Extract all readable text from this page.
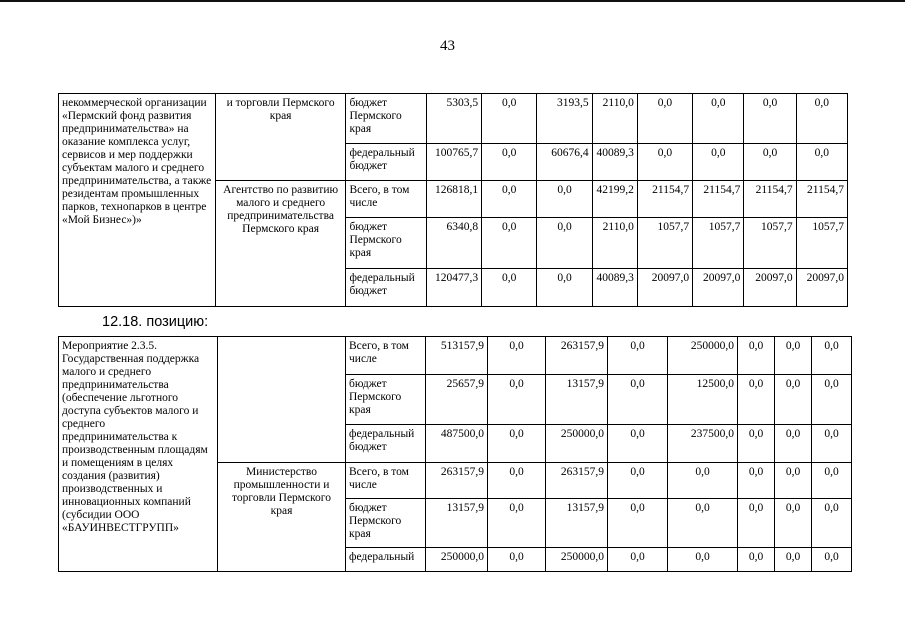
43
некоммерческой организации «Пермский фонд развития предпринимательства» на оказание комплекса услуг, сервисов и мер поддержки субъектам малого и среднего предпринимательства, а также резидентам промышленных парков, технопарков в центре «Мой Бизнес»)»	и торговли Пермского края	бюджет Пермского края	5303,5	0,0	3193,5	2110,0	0,0	0,0	0,0	0,0
		федеральный бюджет	100765,7	0,0	60676,4	40089,3	0,0	0,0	0,0	0,0
	Агентство по развитию малого и среднего предпринимательства Пермского края	Всего, в том числе	126818,1	0,0	0,0	42199,2	21154,7	21154,7	21154,7	21154,7
		бюджет Пермского края	6340,8	0,0	0,0	2110,0	1057,7	1057,7	1057,7	1057,7
		федеральный бюджет	120477,3	0,0	0,0	40089,3	20097,0	20097,0	20097,0	20097,0
12.18. позицию:
Мероприятие 2.3.5. Государственная поддержка малого и среднего предпринимательства (обеспечение льготного доступа субъектов малого и среднего предпринимательства к производственным площадям и помещениям в целях создания (развития) производственных и инновационных компаний (субсидии ООО «БАУИНВЕСТГРУПП»		Всего, в том числе	513157,9	0,0	263157,9	0,0	250000,0	0,0	0,0	0,0
		бюджет Пермского края	25657,9	0,0	13157,9	0,0	12500,0	0,0	0,0	0,0
		федеральный бюджет	487500,0	0,0	250000,0	0,0	237500,0	0,0	0,0	0,0
	Министерство промышленности и торговли Пермского края	Всего, в том числе	263157,9	0,0	263157,9	0,0	0,0	0,0	0,0	0,0
		бюджет Пермского края	13157,9	0,0	13157,9	0,0	0,0	0,0	0,0	0,0
		федеральный	250000,0	0,0	250000,0	0,0	0,0	0,0	0,0	0,0
